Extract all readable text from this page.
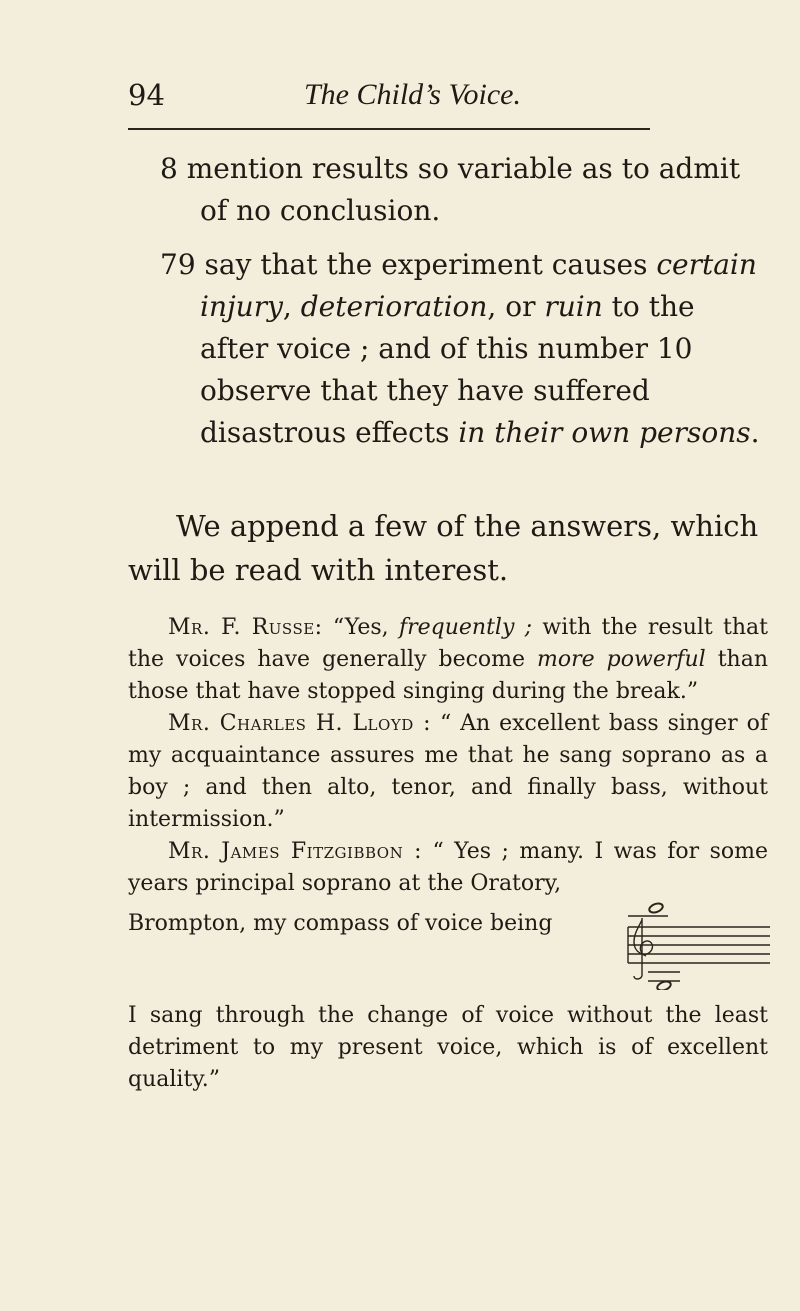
94	The Child’s Voice.

8 mention results so variable as to admit of no conclusion.

79 say that the experiment causes certain injury, deterioration, or ruin to the after voice ; and of this number 10 observe that they have suffered disastrous effects in their own persons.

We append a few of the answers, which will be read with interest.

Mr. F. Russe: “Yes, frequently ; with the result that the voices have generally become more powerful than those that have stopped singing during the break.”

Mr. Charles H. Lloyd : “ An excellent bass singer of my acquaintance assures me that he sang soprano as a boy ; and then alto, tenor, and finally bass, without intermission.”

Mr. James Fitzgibbon : “ Yes ; many. I was for some years principal soprano at the Oratory,

Brompton, my compass of voice being

I sang through the change of voice without the least detriment to my present voice, which is of excellent quality.”
